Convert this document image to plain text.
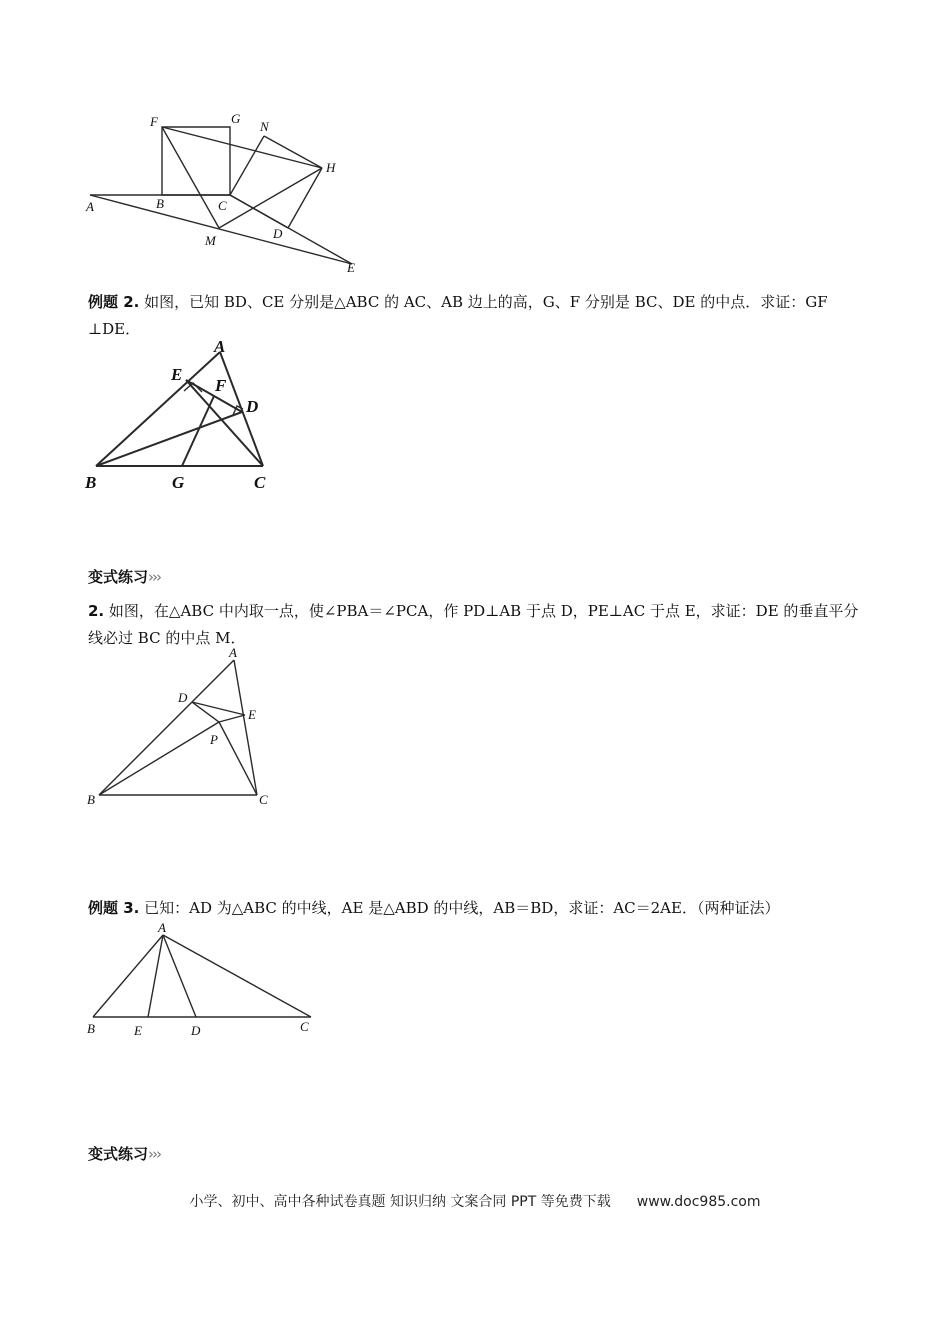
F	G
N
H
A	B	C
M	D
E
例题 2. 如图，已知 BD、CE 分别是△ABC 的 AC、AB 边上的高，G、F 分别是 BC、DE 的中点．求证：GF ⊥DE．
A
E
F
D
B	G	C
变式练习›››
2. 如图，在△ABC 中内取一点，使∠PBA＝∠PCA，作 PD⊥AB 于点 D，PE⊥AC 于点 E，求证：DE 的垂直平分线必过 BC 的中点 M．
A
D
E
P
B	C
例题 3. 已知：AD 为△ABC 的中线，AE 是△ABD 的中线，AB＝BD，求证：AC＝2AE．（两种证法）
A
B	E	D	C
变式练习›››
小学、初中、高中各种试卷真题 知识归纳 文案合同 PPT 等免费下载 www.doc985.com
